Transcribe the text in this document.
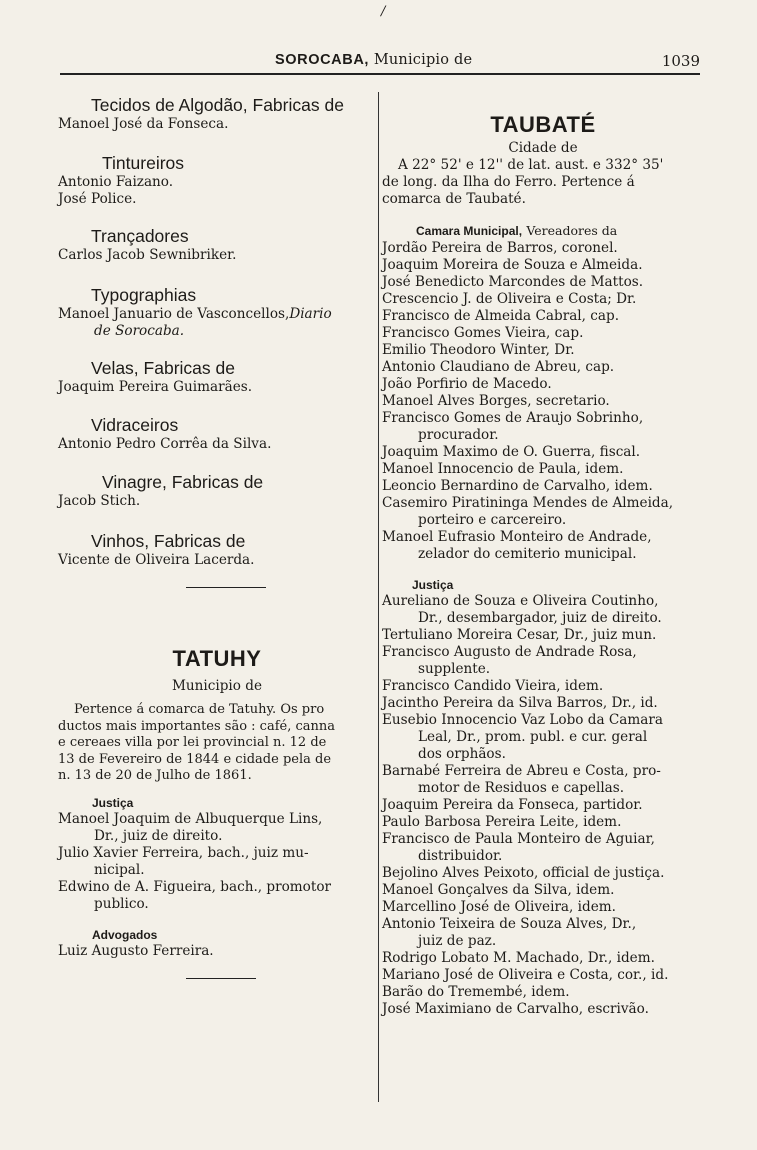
/
SOROCABA, Municipio de	1039
Tecidos de Algodão, Fabricas de
Manoel José da Fonseca.
Tintureiros
Antonio Faizano.
José Police.
Trançadores
Carlos Jacob Sewnibriker.
Typographias
Manoel Januario de Vasconcellos,Diario
de Sorocaba.
Velas, Fabricas de
Joaquim Pereira Guimarães.
Vidraceiros
Antonio Pedro Corrêa da Silva.
Vinagre, Fabricas de
Jacob Stich.
Vinhos, Fabricas de
Vicente de Oliveira Lacerda.
TATUHY
Municipio de
Pertence á comarca de Tatuhy. Os pro
ductos mais importantes são : café, canna
e cereaes villa por lei provincial n. 12 de
13 de Fevereiro de 1844 e cidade pela de
n. 13 de 20 de Julho de 1861.
Justiça
Manoel Joaquim de Albuquerque Lins,
Dr., juiz de direito.
Julio Xavier Ferreira, bach., juiz mu-
nicipal.
Edwino de A. Figueira, bach., promotor
publico.
Advogados
Luiz Augusto Ferreira.
TAUBATÉ
Cidade de
A 22° 52' e 12'' de lat. aust. e 332° 35'
de long. da Ilha do Ferro. Pertence á
comarca de Taubaté.
Camara Municipal, Vereadores da
Jordão Pereira de Barros, coronel.
Joaquim Moreira de Souza e Almeida.
José Benedicto Marcondes de Mattos.
Crescencio J. de Oliveira e Costa; Dr.
Francisco de Almeida Cabral, cap.
Francisco Gomes Vieira, cap.
Emilio Theodoro Winter, Dr.
Antonio Claudiano de Abreu, cap.
João Porfirio de Macedo.
Manoel Alves Borges, secretario.
Francisco Gomes de Araujo Sobrinho,
procurador.
Joaquim Maximo de O. Guerra, fiscal.
Manoel Innocencio de Paula, idem.
Leoncio Bernardino de Carvalho, idem.
Casemiro Piratininga Mendes de Almeida,
porteiro e carcereiro.
Manoel Eufrasio Monteiro de Andrade,
zelador do cemiterio municipal.
Justiça
Aureliano de Souza e Oliveira Coutinho,
Dr., desembargador, juiz de direito.
Tertuliano Moreira Cesar, Dr., juiz mun.
Francisco Augusto de Andrade Rosa,
supplente.
Francisco Candido Vieira, idem.
Jacintho Pereira da Silva Barros, Dr., id.
Eusebio Innocencio Vaz Lobo da Camara
Leal, Dr., prom. publ. e cur. geral
dos orphãos.
Barnabé Ferreira de Abreu e Costa, pro-
motor de Residuos e capellas.
Joaquim Pereira da Fonseca, partidor.
Paulo Barbosa Pereira Leite, idem.
Francisco de Paula Monteiro de Aguiar,
distribuidor.
Bejolino Alves Peixoto, official de justiça.
Manoel Gonçalves da Silva, idem.
Marcellino José de Oliveira, idem.
Antonio Teixeira de Souza Alves, Dr.,
juiz de paz.
Rodrigo Lobato M. Machado, Dr., idem.
Mariano José de Oliveira e Costa, cor., id.
Barão do Tremembé, idem.
José Maximiano de Carvalho, escrivão.
